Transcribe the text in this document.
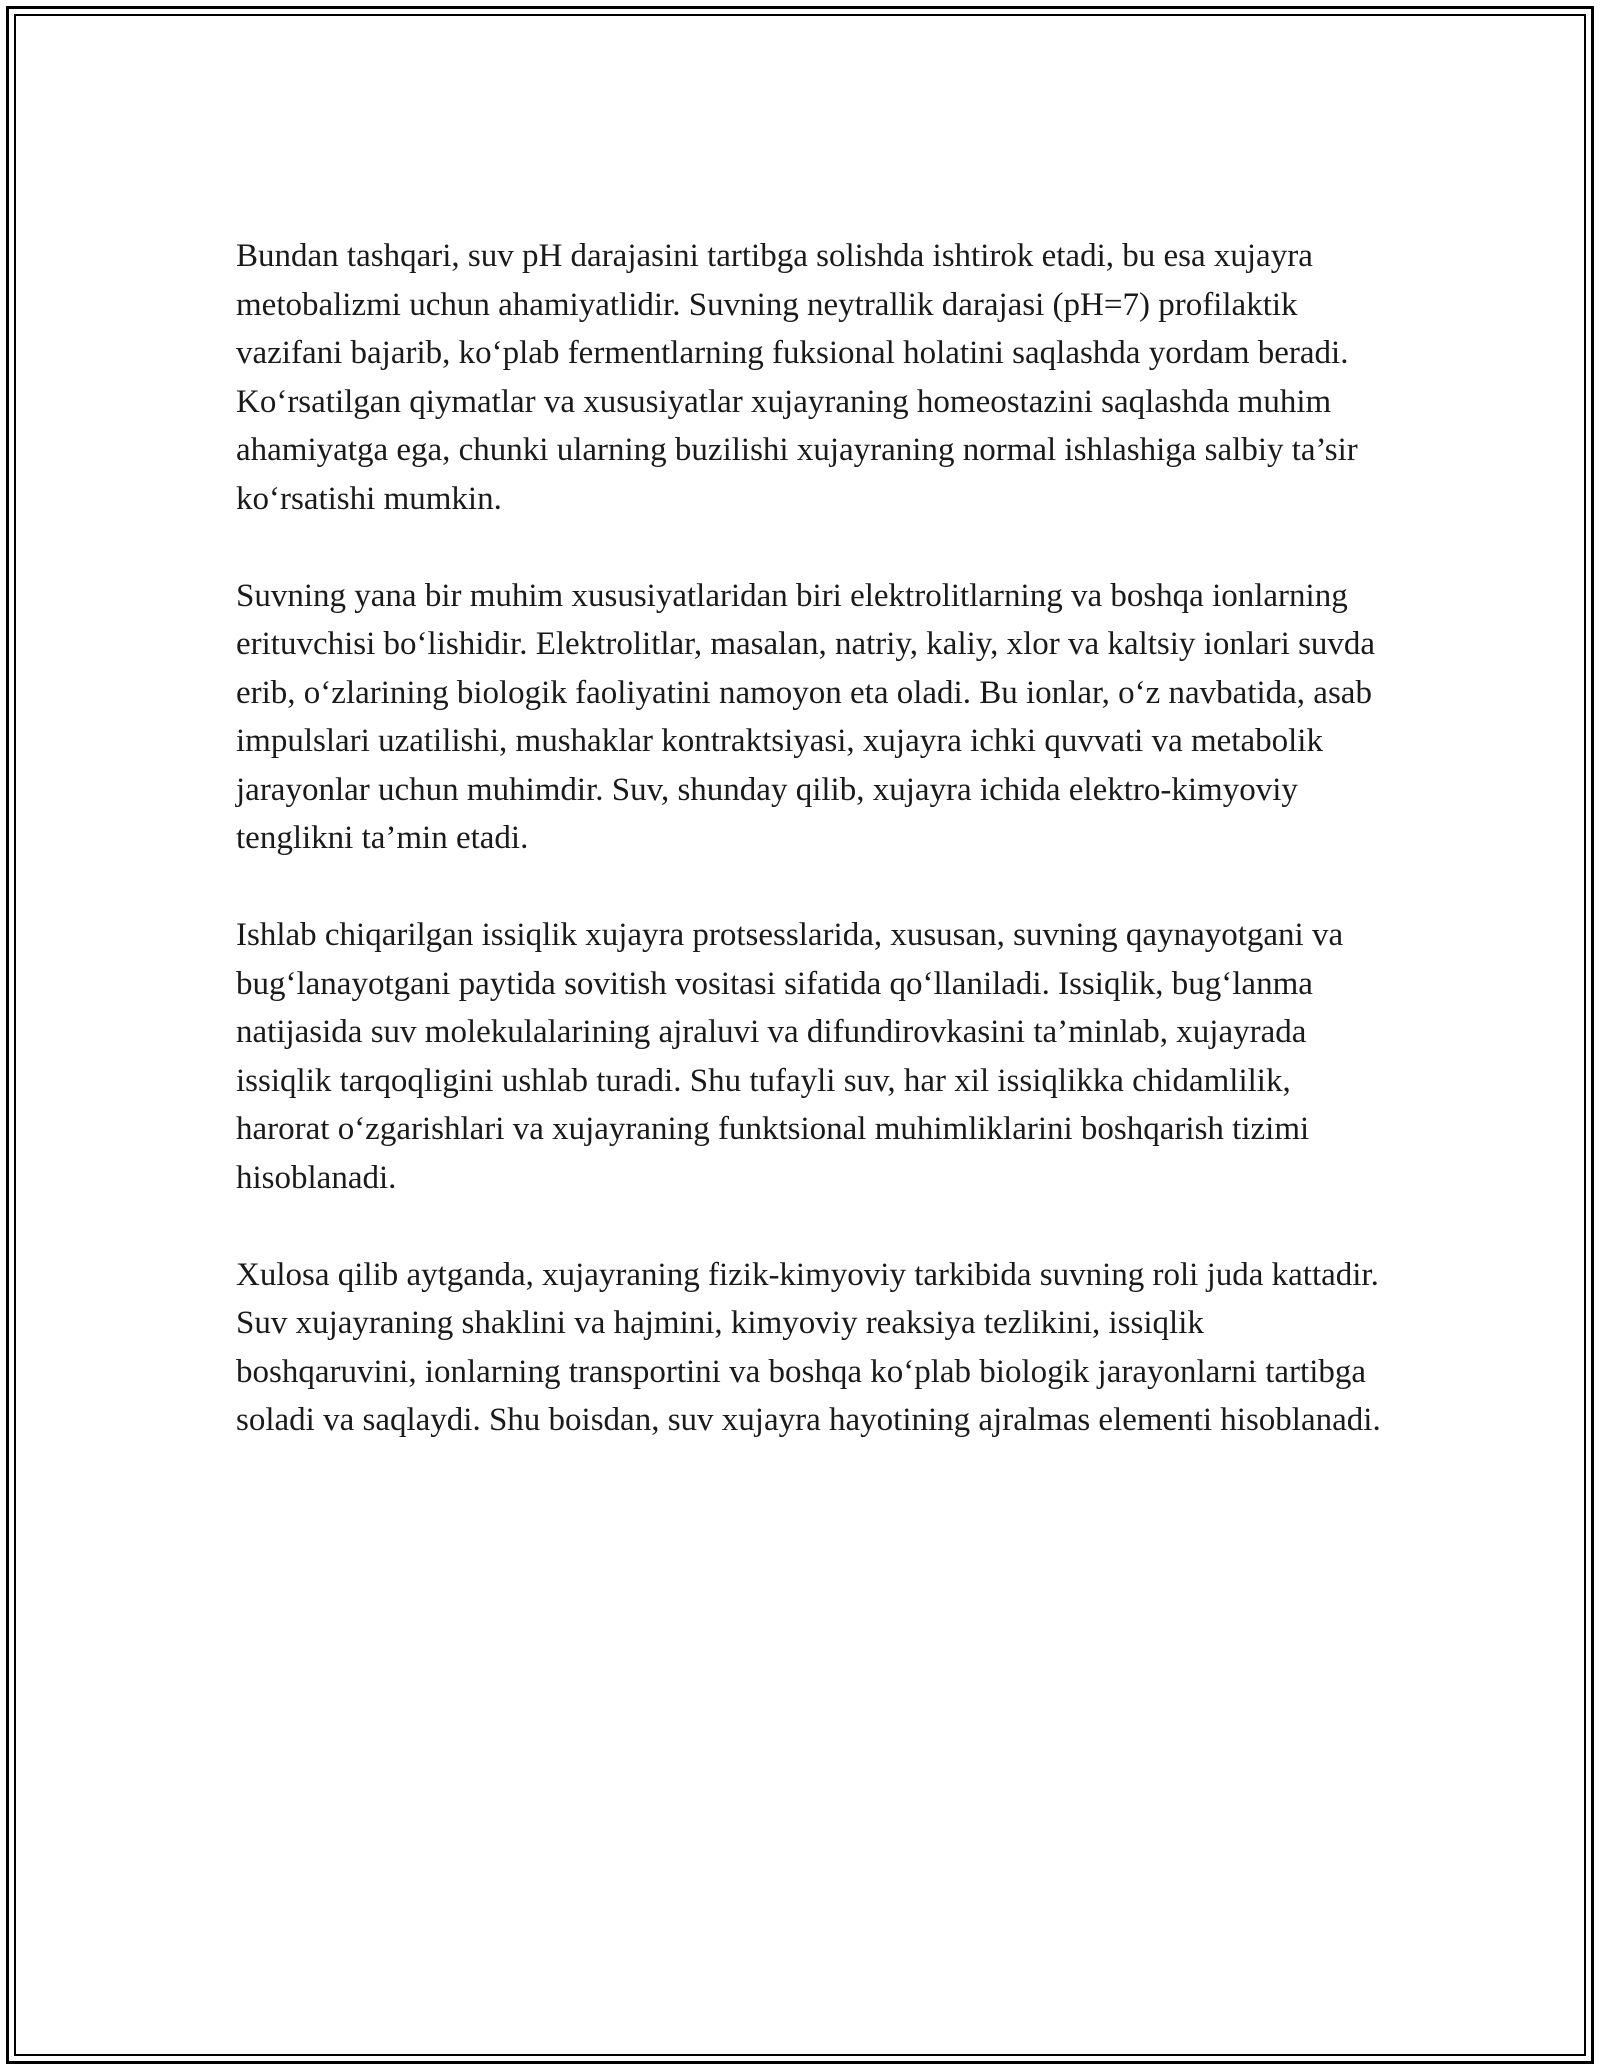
Bundan tashqari, suv pH darajasini tartibga solishda ishtirok etadi, bu esa xujayra metobalizmi uchun ahamiyatlidir. Suvning neytrallik darajasi (pH=7) profilaktik vazifani bajarib, ko‘plab fermentlarning fuksional holatini saqlashda yordam beradi. Ko‘rsatilgan qiymatlar va xususiyatlar xujayraning homeostazini saqlashda muhim ahamiyatga ega, chunki ularning buzilishi xujayraning normal ishlashiga salbiy ta’sir ko‘rsatishi mumkin.

Suvning yana bir muhim xususiyatlaridan biri elektrolitlarning va boshqa ionlarning erituvchisi bo‘lishidir. Elektrolitlar, masalan, natriy, kaliy, xlor va kaltsiy ionlari suvda erib, o‘zlarining biologik faoliyatini namoyon eta oladi. Bu ionlar, o‘z navbatida, asab impulslari uzatilishi, mushaklar kontraktsiyasi, xujayra ichki quvvati va metabolik jarayonlar uchun muhimdir. Suv, shunday qilib, xujayra ichida elektro-kimyoviy tenglikni ta’min etadi.

Ishlab chiqarilgan issiqlik xujayra protsesslarida, xususan, suvning qaynayotgani va bug‘lanayotgani paytida sovitish vositasi sifatida qo‘llaniladi. Issiqlik, bug‘lanma natijasida suv molekulalarining ajraluvi va difundirovkasini ta’minlab, xujayrada issiqlik tarqoqligini ushlab turadi. Shu tufayli suv, har xil issiqlikka chidamlilik, harorat o‘zgarishlari va xujayraning funktsional muhimliklarini boshqarish tizimi hisoblanadi.

Xulosa qilib aytganda, xujayraning fizik-kimyoviy tarkibida suvning roli juda kattadir. Suv xujayraning shaklini va hajmini, kimyoviy reaksiya tezlikini, issiqlik boshqaruvini, ionlarning transportini va boshqa ko‘plab biologik jarayonlarni tartibga soladi va saqlaydi. Shu boisdan, suv xujayra hayotining ajralmas elementi hisoblanadi.
